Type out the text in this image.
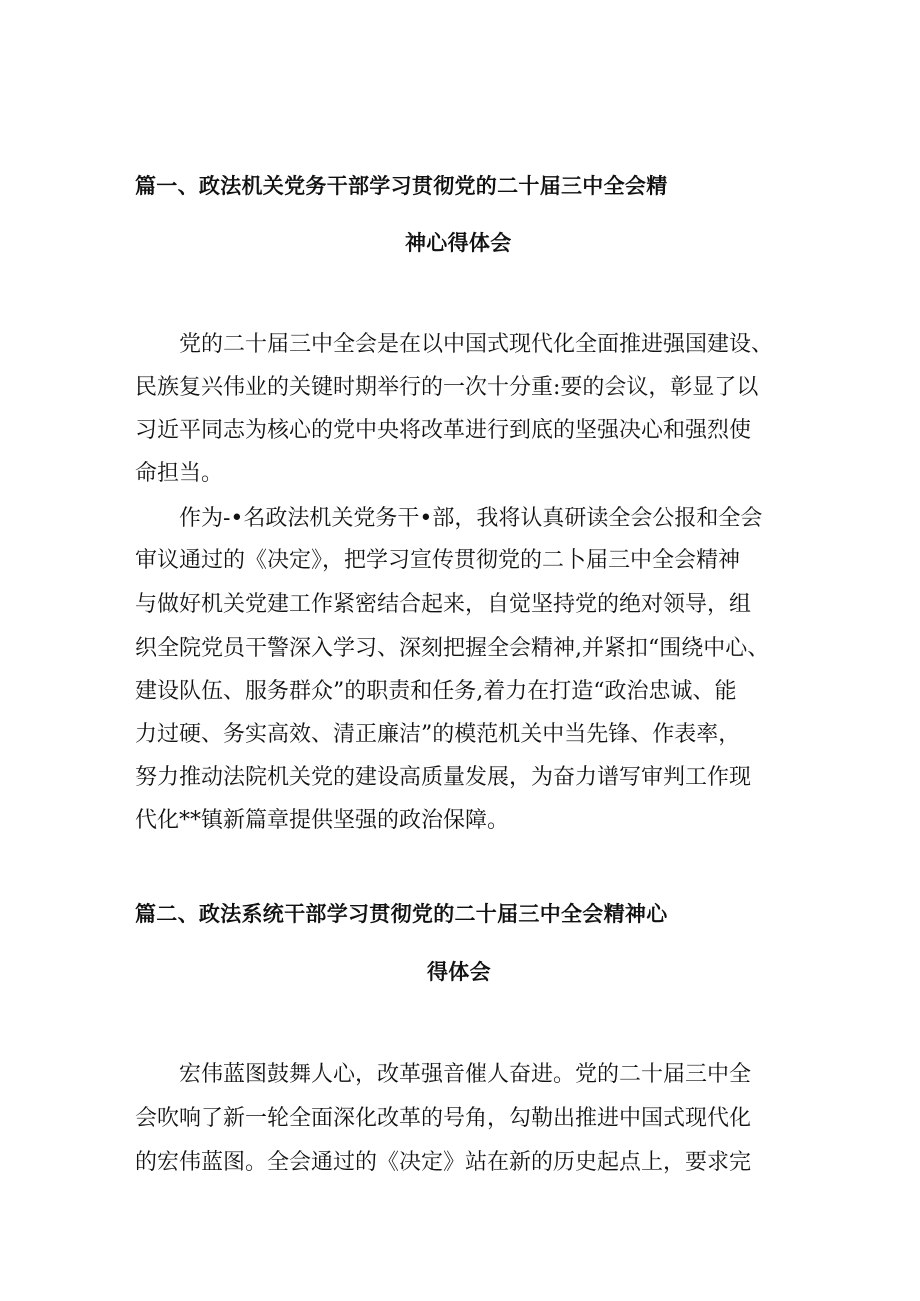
篇一、政法机关党务干部学习贯彻党的二十届三中全会精
神心得体会
　　党的二十届三中全会是在以中国式现代化全面推进强国建设、
民族复兴伟业的关键时期举行的一次十分重:要的会议，彰显了以
习近平同志为核心的党中央将改革进行到底的坚强决心和强烈使
命担当。
　　作为-•名政法机关党务干•部，我将认真研读全会公报和全会
审议通过的《决定》，把学习宣传贯彻党的二卜届三中全会精神
与做好机关党建工作紧密结合起来，自觉坚持党的绝对领导，组
织全院党员干警深入学习、深刻把握全会精神,并紧扣“围绕中心、
建设队伍、服务群众”的职责和任务,着力在打造“政治忠诚、能
力过硬、务实高效、清正廉洁”的模范机关中当先锋、作表率，
努力推动法院机关党的建设高质量发展，为奋力谱写审判工作现
代化**镇新篇章提供坚强的政治保障。
篇二、政法系统干部学习贯彻党的二十届三中全会精神心
得体会
　　宏伟蓝图鼓舞人心，改革强音催人奋进。党的二十届三中全
会吹响了新一轮全面深化改革的号角，勾勒出推进中国式现代化
的宏伟蓝图。全会通过的《决定》站在新的历史起点上，要求完
